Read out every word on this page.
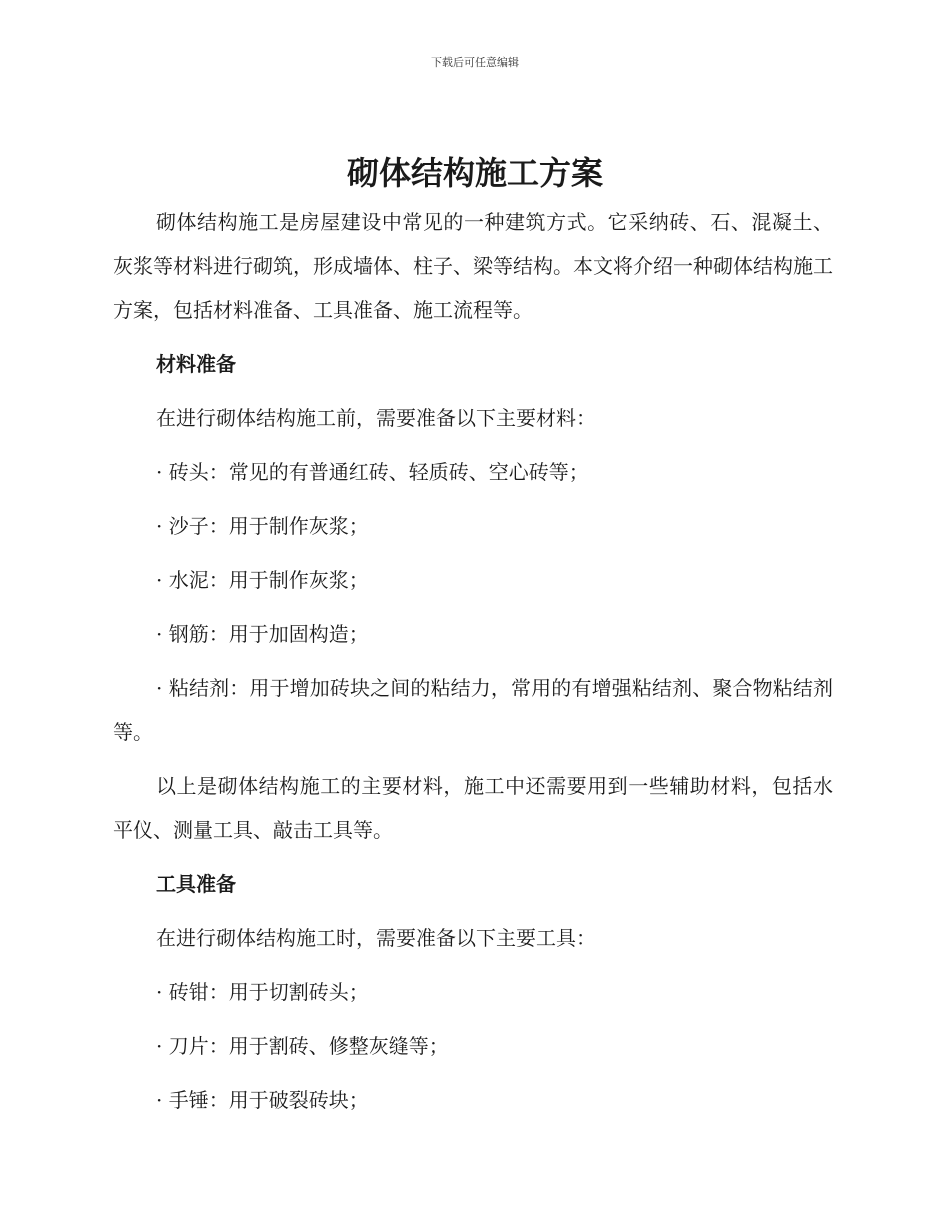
下载后可任意编辑
砌体结构施工方案

砌体结构施工是房屋建设中常见的一种建筑方式。它采纳砖、石、混凝土、灰浆等材料进行砌筑，形成墙体、柱子、梁等结构。本文将介绍一种砌体结构施工方案，包括材料准备、工具准备、施工流程等。

材料准备

在进行砌体结构施工前，需要准备以下主要材料：

· 砖头：常见的有普通红砖、轻质砖、空心砖等；

· 沙子：用于制作灰浆；

· 水泥：用于制作灰浆；

· 钢筋：用于加固构造；

· 粘结剂：用于增加砖块之间的粘结力，常用的有增强粘结剂、聚合物粘结剂等。

以上是砌体结构施工的主要材料，施工中还需要用到一些辅助材料，包括水平仪、测量工具、敲击工具等。

工具准备

在进行砌体结构施工时，需要准备以下主要工具：

· 砖钳：用于切割砖头；

· 刀片：用于割砖、修整灰缝等；

· 手锤：用于破裂砖块；
